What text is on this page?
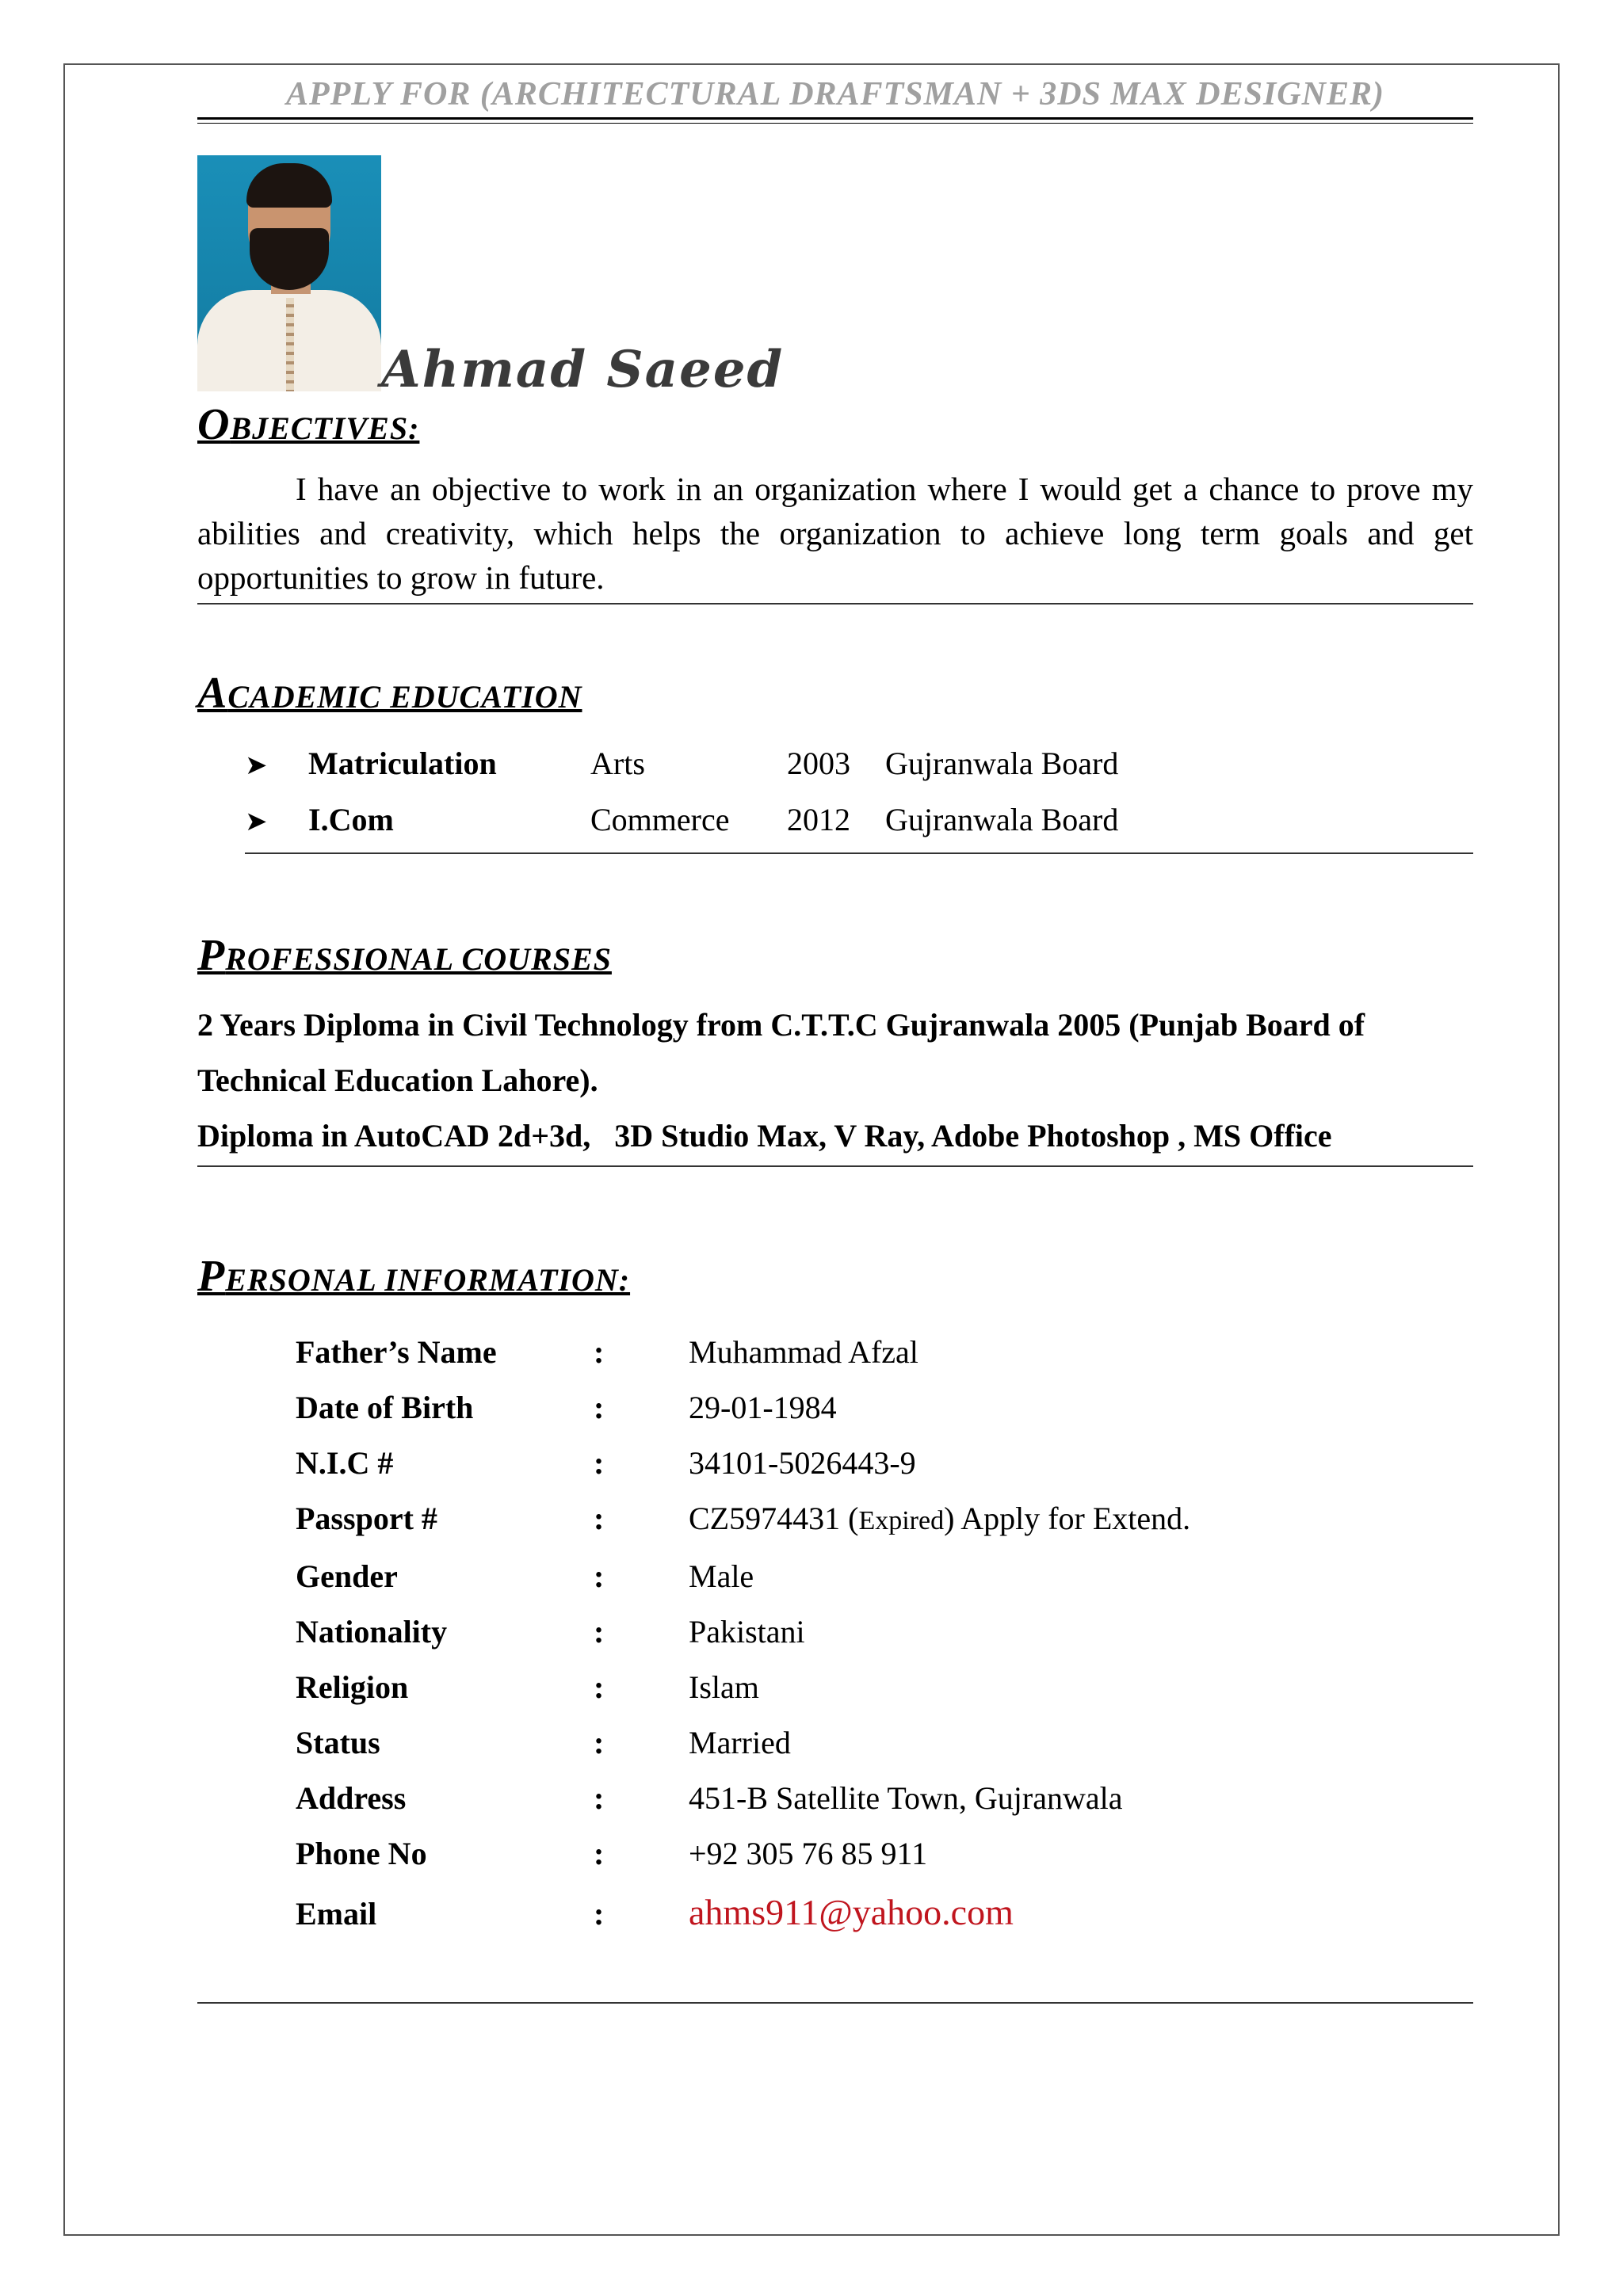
APPLY FOR (ARCHITECTURAL DRAFTSMAN + 3DS MAX DESIGNER)
Ahmad Saeed
OBJECTIVES:
I have an objective to work in an organization where I would get a chance to prove my abilities and creativity, which helps the organization to achieve long term goals and get opportunities to grow in future.
ACADEMIC EDUCATION
➤	Matriculation	Arts	2003	Gujranwala Board
➤	I.Com	Commerce	2012	Gujranwala Board
PROFESSIONAL COURSES
2 Years Diploma in Civil Technology from C.T.T.C Gujranwala 2005 (Punjab Board of
Technical Education Lahore).
Diploma in AutoCAD 2d+3d,   3D Studio Max, V Ray, Adobe Photoshop , MS Office
PERSONAL INFORMATION:
Father’s Name	:	Muhammad Afzal
Date of Birth	:	29-01-1984
N.I.C #	:	34101-5026443-9
Passport #	:	CZ5974431 (Expired) Apply for Extend.
Gender	:	Male
Nationality	:	Pakistani
Religion	:	Islam
Status	:	Married
Address	:	451-B Satellite Town, Gujranwala
Phone No	:	+92 305 76 85 911
Email	:	ahms911@yahoo.com
